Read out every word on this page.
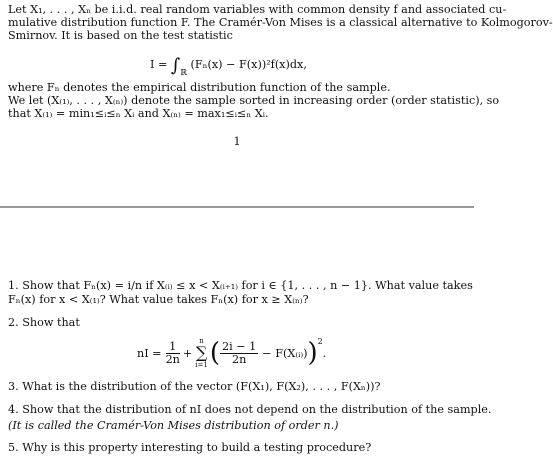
Let X₁, . . . , Xₙ be i.i.d. real random variables with common density f and associated cu-
mulative distribution function F. The Cramér-Von Mises is a classical alternative to Kolmogorov-
Smirnov. It is based on the test statistic
$I = \int_ℝ$ (Fₙ(x) − F(x))²f(x)dx,
where Fₙ denotes the empirical distribution function of the sample.
We let (X₍₁₎, . . . , X₍ₙ₎) denote the sample sorted in increasing order (order statistic), so
that X₍₁₎ = min₁≤ᵢ≤ₙ Xᵢ and X₍ₙ₎ = max₁≤ᵢ≤ₙ Xᵢ.
1
1. Show that Fₙ(x) = i/n if X₍ᵢ₎ ≤ x < X₍ᵢ₊₁₎ for i ∈ {1, . . . , n − 1}. What value takes
Fₙ(x) for x < X₍₁₎? What value takes Fₙ(x) for x ≥ X₍ₙ₎?
2. Show that
nI = $\frac{1}{2n}$ +
n
∑
i=1 ( $\frac{2i - 1}{2n}$ − F(X₍ᵢ₎) ) 2
.
3. What is the distribution of the vector (F(X₁), F(X₂), . . . , F(Xₙ))?
4. Show that the distribution of nI does not depend on the distribution of the sample.
(It is called the Cramér-Von Mises distribution of order n.)
5. Why is this property interesting to build a testing procedure?
